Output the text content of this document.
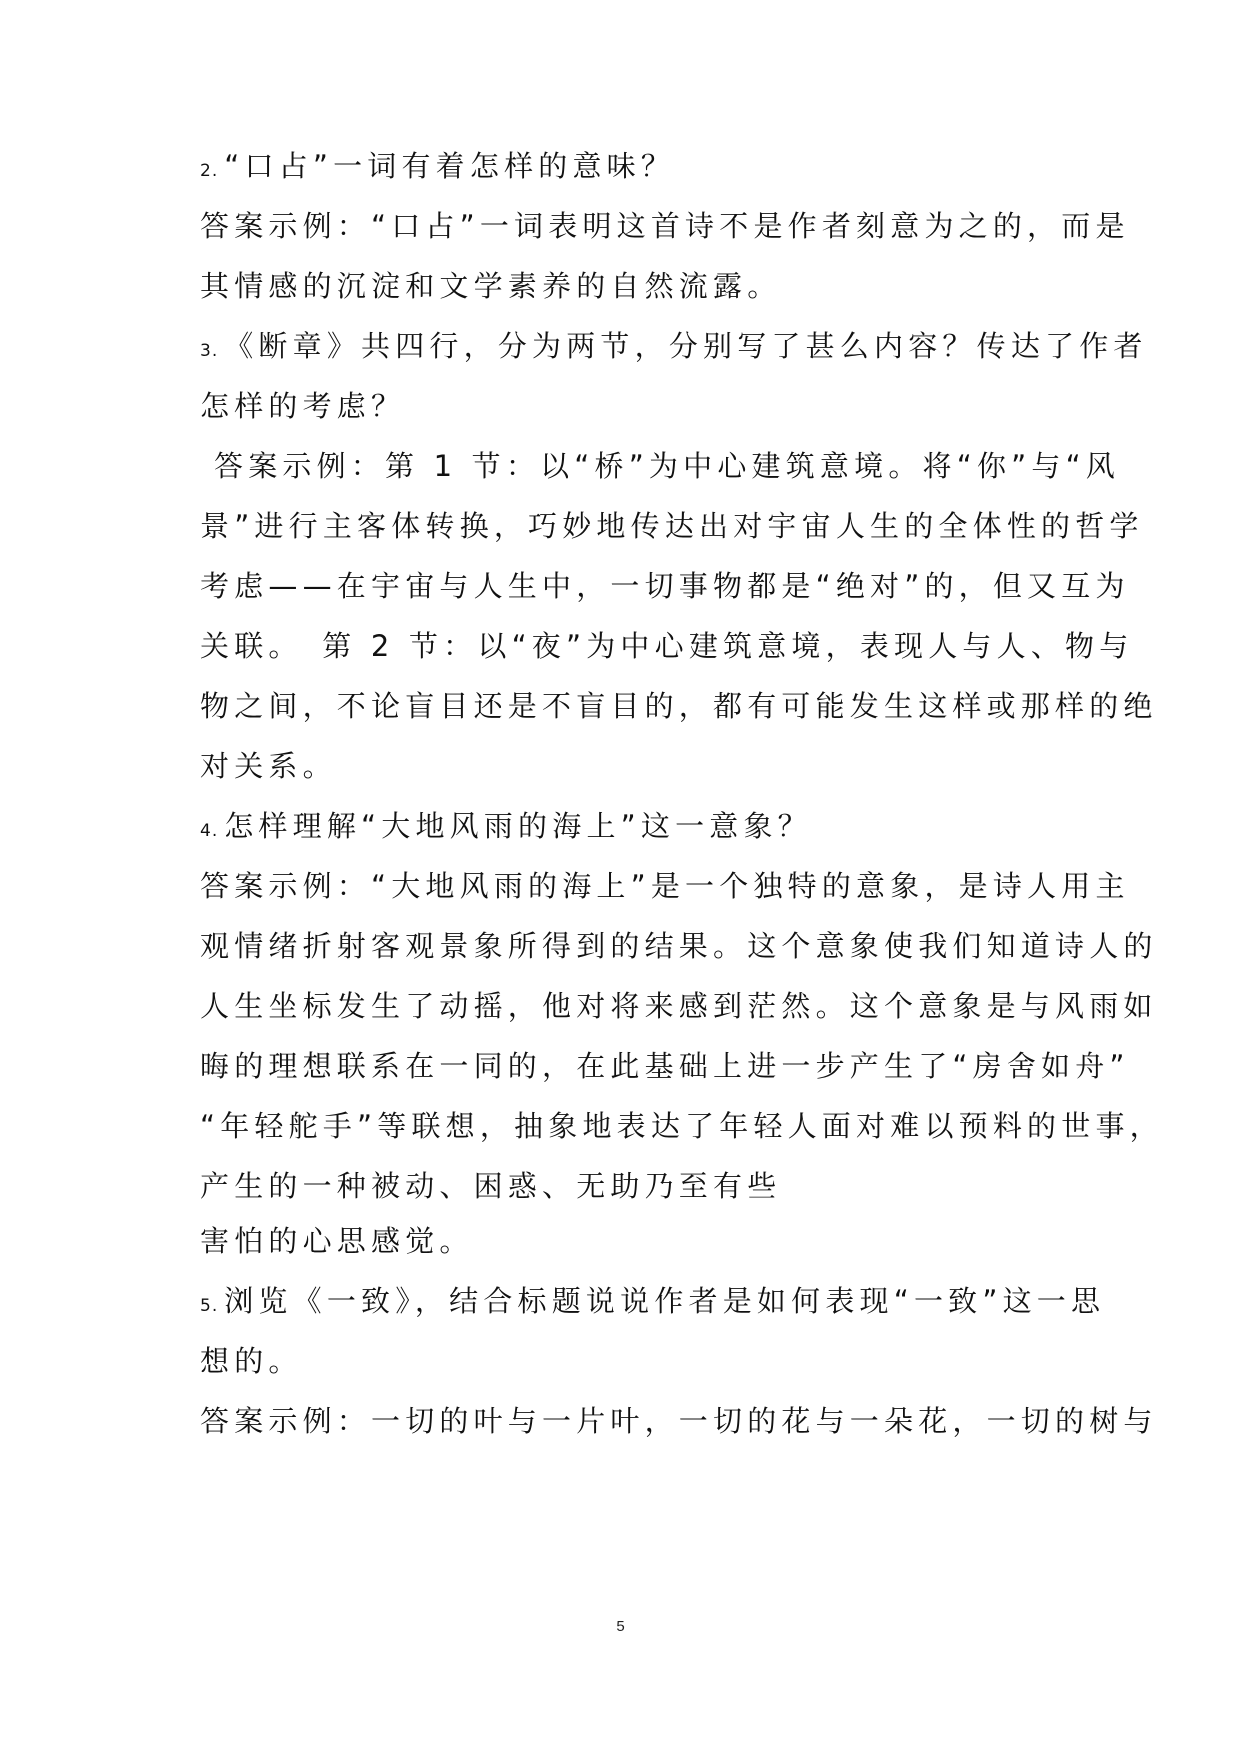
2. “口占”一词有着怎样的意味？
答案示例：“口占”一词表明这首诗不是作者刻意为之的，而是
其情感的沉淀和文学素养的自然流露。
3. 《断章》共四行，分为两节，分别写了甚么内容？传达了作者
怎样的考虑？
答案示例：第 1 节：以“桥”为中心建筑意境。将“你”与“风
景”进行主客体转换，巧妙地传达出对宇宙人生的全体性的哲学
考虑——在宇宙与人生中，一切事物都是“绝对”的，但又互为
关联。　第 2 节：以“夜”为中心建筑意境，表现人与人、物与
物之间，不论盲目还是不盲目的，都有可能发生这样或那样的绝
对关系。
4. 怎样理解“大地风雨的海上”这一意象？
答案示例：“大地风雨的海上”是一个独特的意象，是诗人用主
观情绪折射客观景象所得到的结果。这个意象使我们知道诗人的
人生坐标发生了动摇，他对将来感到茫然。这个意象是与风雨如
晦的理想联系在一同的，在此基础上进一步产生了“房舍如舟”
“年轻舵手”等联想，抽象地表达了年轻人面对难以预料的世事，
产生的一种被动、困惑、无助乃至有些
害怕的心思感觉。
5. 浏览《一致》，结合标题说说作者是如何表现“一致”这一思
想的。
答案示例：一切的叶与一片叶，一切的花与一朵花，一切的树与
5
